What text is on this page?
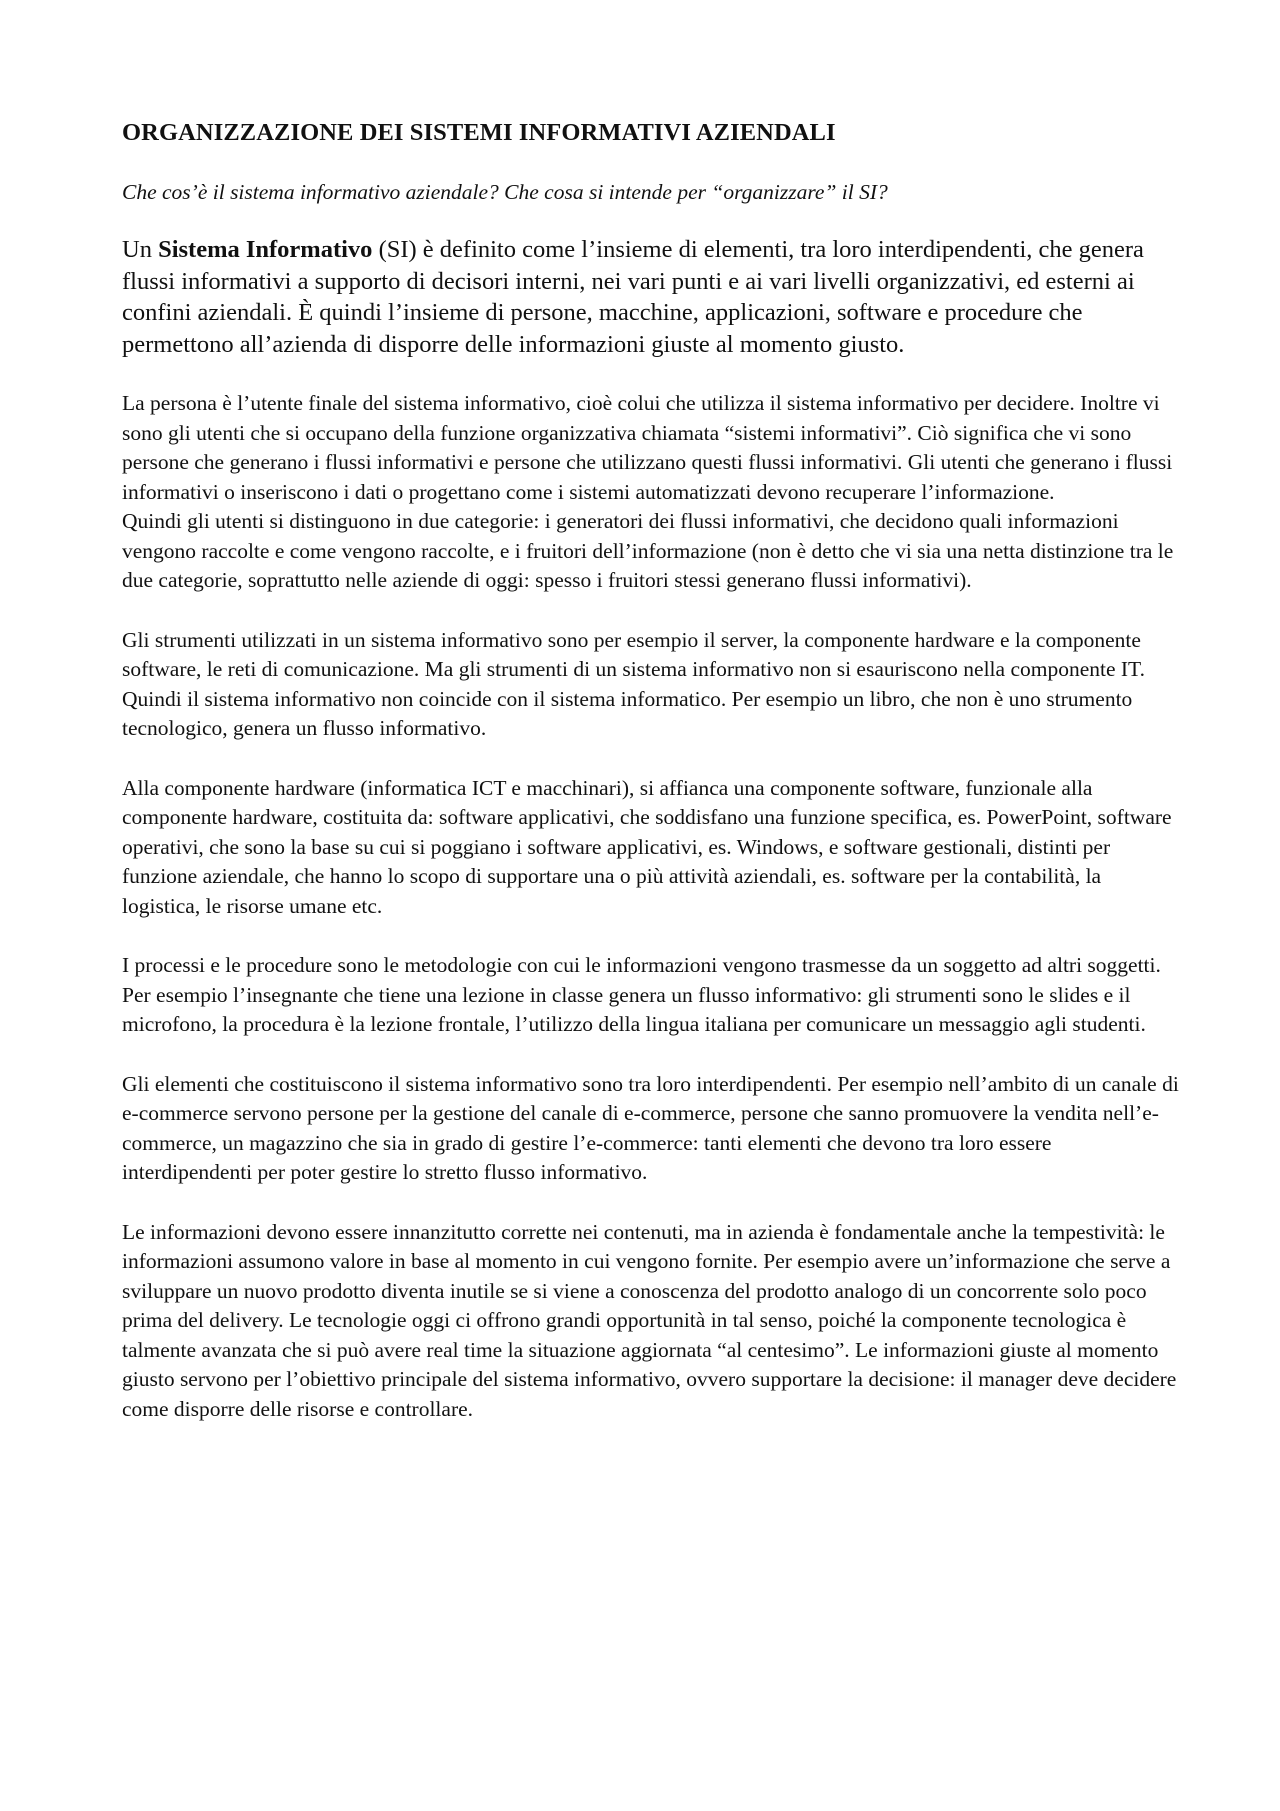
ORGANIZZAZIONE DEI SISTEMI INFORMATIVI AZIENDALI

Che cos’è il sistema informativo aziendale? Che cosa si intende per “organizzare” il SI?

Un Sistema Informativo (SI) è definito come l’insieme di elementi, tra loro interdipendenti, che genera flussi informativi a supporto di decisori interni, nei vari punti e ai vari livelli organizzativi, ed esterni ai confini aziendali. È quindi l’insieme di persone, macchine, applicazioni, software e procedure che permettono all’azienda di disporre delle informazioni giuste al momento giusto.

La persona è l’utente finale del sistema informativo, cioè colui che utilizza il sistema informativo per decidere. Inoltre vi sono gli utenti che si occupano della funzione organizzativa chiamata “sistemi informativi”. Ciò significa che vi sono persone che generano i flussi informativi e persone che utilizzano questi flussi informativi. Gli utenti che generano i flussi informativi o inseriscono i dati o progettano come i sistemi automatizzati devono recuperare l’informazione.

Quindi gli utenti si distinguono in due categorie: i generatori dei flussi informativi, che decidono quali informazioni vengono raccolte e come vengono raccolte, e i fruitori dell’informazione (non è detto che vi sia una netta distinzione tra le due categorie, soprattutto nelle aziende di oggi: spesso i fruitori stessi generano flussi informativi).

Gli strumenti utilizzati in un sistema informativo sono per esempio il server, la componente hardware e la componente software, le reti di comunicazione. Ma gli strumenti di un sistema informativo non si esauriscono nella componente IT. Quindi il sistema informativo non coincide con il sistema informatico. Per esempio un libro, che non è uno strumento tecnologico, genera un flusso informativo.

Alla componente hardware (informatica ICT e macchinari), si affianca una componente software, funzionale alla componente hardware, costituita da: software applicativi, che soddisfano una funzione specifica, es. PowerPoint, software operativi, che sono la base su cui si poggiano i software applicativi, es. Windows, e software gestionali, distinti per funzione aziendale, che hanno lo scopo di supportare una o più attività aziendali, es. software per la contabilità, la logistica, le risorse umane etc.

I processi e le procedure sono le metodologie con cui le informazioni vengono trasmesse da un soggetto ad altri soggetti. Per esempio l’insegnante che tiene una lezione in classe genera un flusso informativo: gli strumenti sono le slides e il microfono, la procedura è la lezione frontale, l’utilizzo della lingua italiana per comunicare un messaggio agli studenti.

Gli elementi che costituiscono il sistema informativo sono tra loro interdipendenti. Per esempio nell’ambito di un canale di e-commerce servono persone per la gestione del canale di e-commerce, persone che sanno promuovere la vendita nell’e-commerce, un magazzino che sia in grado di gestire l’e-commerce: tanti elementi che devono tra loro essere interdipendenti per poter gestire lo stretto flusso informativo.

Le informazioni devono essere innanzitutto corrette nei contenuti, ma in azienda è fondamentale anche la tempestività: le informazioni assumono valore in base al momento in cui vengono fornite. Per esempio avere un’informazione che serve a sviluppare un nuovo prodotto diventa inutile se si viene a conoscenza del prodotto analogo di un concorrente solo poco prima del delivery. Le tecnologie oggi ci offrono grandi opportunità in tal senso, poiché la componente tecnologica è talmente avanzata che si può avere real time la situazione aggiornata “al centesimo”. Le informazioni giuste al momento giusto servono per l’obiettivo principale del sistema informativo, ovvero supportare la decisione: il manager deve decidere come disporre delle risorse e controllare.
